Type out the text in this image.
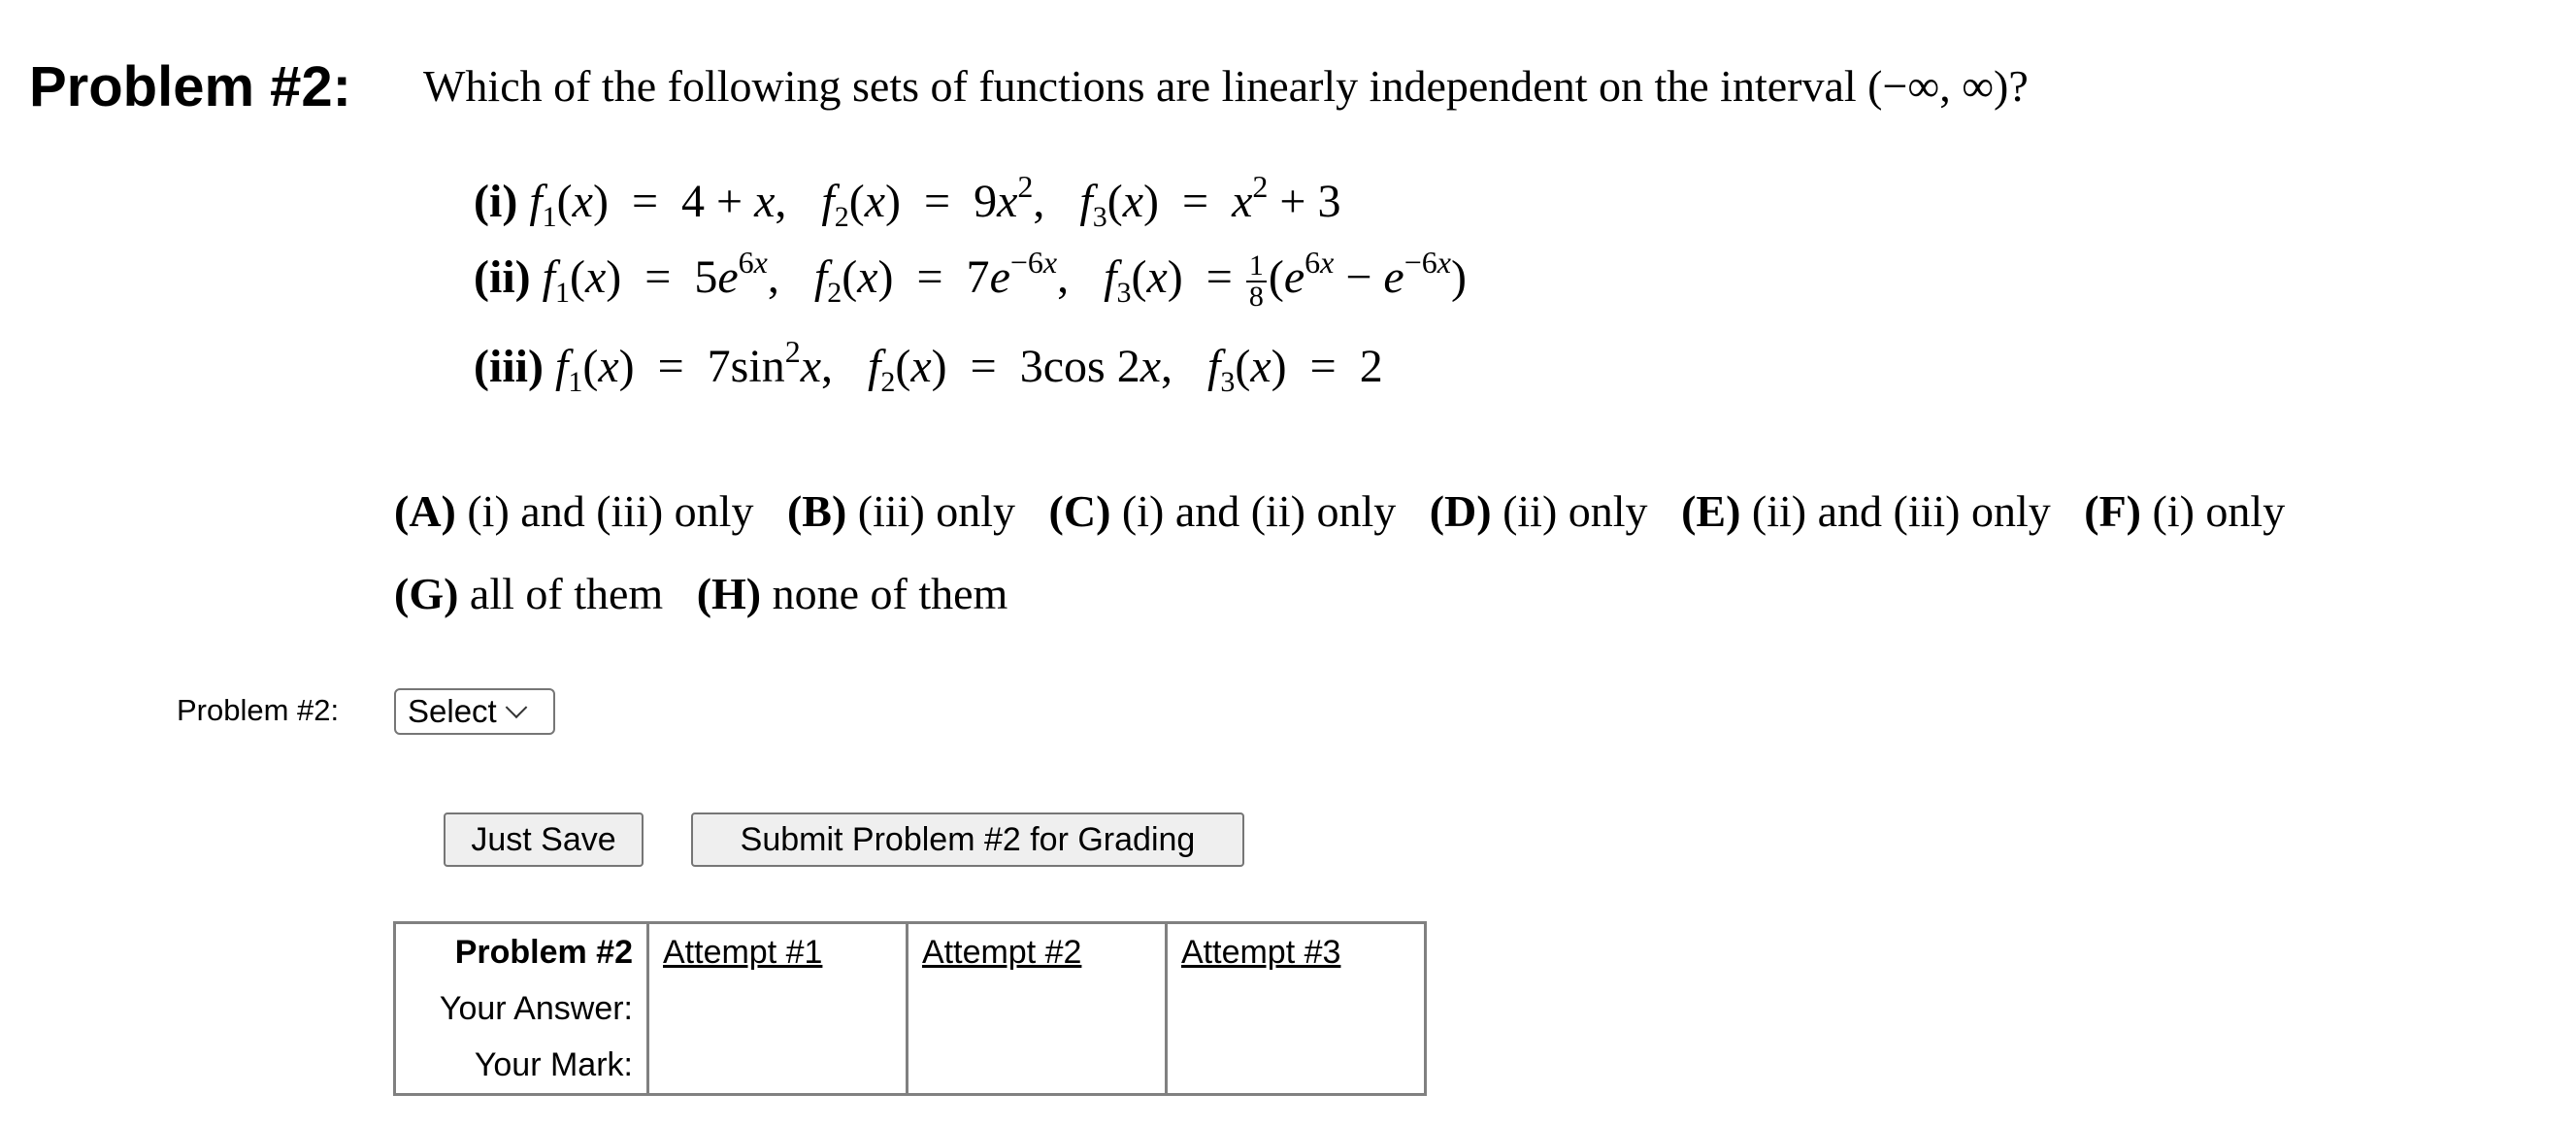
Problem #2: Which of the following sets of functions are linearly independent on the interval (−∞, ∞)?
(i) $f_1(x) = 4 + x$,   $f_2(x) = 9x^2$,   $f_3(x) = x^2 + 3$
(ii) $f_1(x) = 5e^{6x}$,   $f_2(x) = 7e^{-6x}$,   $f_3(x) = \frac{1}{8} (e^{6x} - e^{-6x})$
(iii) $f_1(x) = 7\sin^2x$,   $f_2(x) = 3\cos$ 2x,   $f_3(x) = 2$
(A) (i) and (iii) only (B) (iii) only (C) (i) and (ii) only (D) (ii) only (E) (ii) and (iii) only (F) (i) only
(G) all of them (H) none of them
Problem #2: Select
Just Save	Submit Problem #2 for Grading
Problem #2	Attempt #1	Attempt #2	Attempt #3
Your Answer:			
Your Mark:			
